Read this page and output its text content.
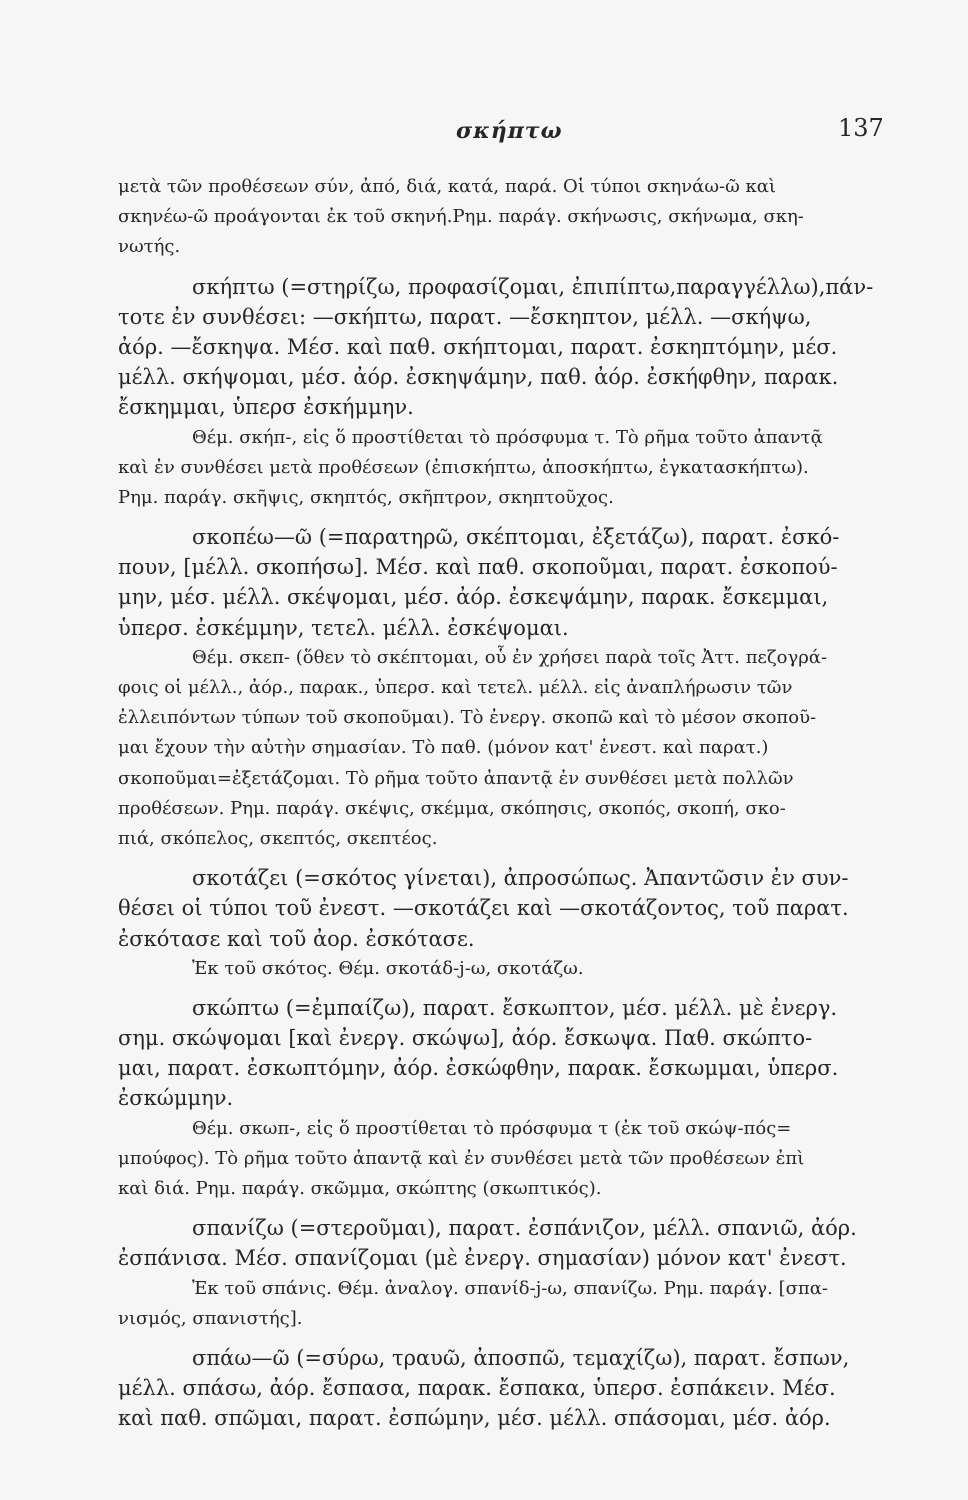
σκήπτω	137
μετὰ τῶν προθέσεων σύν, ἀπό, διά, κατά, παρά. Οἱ τύποι σκηνάω-ῶ καὶ
σκηνέω-ῶ προάγονται ἐκ τοῦ σκηνή.Ρημ. παράγ. σκήνωσις, σκήνωμα, σκη-
νωτής.
σκήπτω (=στηρίζω, προφασίζομαι, ἐπιπίπτω,παραγγέλλω),πάν-
τοτε ἐν συνθέσει: —σκήπτω, παρατ. —ἔσκηπτον, μέλλ. —σκήψω,
ἀόρ. —ἔσκηψα. Μέσ. καὶ παθ. σκήπτομαι, παρατ. ἐσκηπτόμην, μέσ.
μέλλ. σκήψομαι, μέσ. ἀόρ. ἐσκηψάμην, παθ. ἀόρ. ἐσκήφθην, παρακ.
ἔσκημμαι, ὑπερσ ἐσκήμμην.
Θέμ. σκήπ-, εἰς ὅ προστίθεται τὸ πρόσφυμα τ. Τὸ ρῆμα τοῦτο ἀπαντᾷ
καὶ ἐν συνθέσει μετὰ προθέσεων (ἐπισκήπτω, ἀποσκήπτω, ἐγκατασκήπτω).
Ρημ. παράγ. σκῆψις, σκηπτός, σκῆπτρον, σκηπτοῦχος.
σκοπέω—ῶ (=παρατηρῶ, σκέπτομαι, ἐξετάζω), παρατ. ἐσκό-
πουν, [μέλλ. σκοπήσω]. Μέσ. καὶ παθ. σκοποῦμαι, παρατ. ἐσκοπού-
μην, μέσ. μέλλ. σκέψομαι, μέσ. ἀόρ. ἐσκεψάμην, παρακ. ἔσκεμμαι,
ὑπερσ. ἐσκέμμην, τετελ. μέλλ. ἐσκέψομαι.
Θέμ. σκεπ- (ὅθεν τὸ σκέπτομαι, οὗ ἐν χρήσει παρὰ τοῖς Ἀττ. πεζογρά-
φοις οἱ μέλλ., ἀόρ., παρακ., ὑπερσ. καὶ τετελ. μέλλ. εἰς ἀναπλήρωσιν τῶν
ἐλλειπόντων τύπων τοῦ σκοποῦμαι). Τὸ ἐνεργ. σκοπῶ καὶ τὸ μέσον σκοποῦ-
μαι ἔχουν τὴν αὐτὴν σημασίαν. Τὸ παθ. (μόνον κατ' ἐνεστ. καὶ παρατ.)
σκοποῦμαι=ἐξετάζομαι. Τὸ ρῆμα τοῦτο ἀπαντᾷ ἐν συνθέσει μετὰ πολλῶν
προθέσεων. Ρημ. παράγ. σκέψις, σκέμμα, σκόπησις, σκοπός, σκοπή, σκο-
πιά, σκόπελος, σκεπτός, σκεπτέος.
σκοτάζει (=σκότος γίνεται), ἀπροσώπως. Ἀπαντῶσιν ἐν συν-
θέσει οἱ τύποι τοῦ ἐνεστ. —σκοτάζει καὶ —σκοτάζοντος, τοῦ παρατ.
ἐσκότασε καὶ τοῦ ἀορ. ἐσκότασε.
Ἐκ τοῦ σκότος. Θέμ. σκοτάδ-j-ω, σκοτάζω.
σκώπτω (=ἐμπαίζω), παρατ. ἔσκωπτον, μέσ. μέλλ. μὲ ἐνεργ.
σημ. σκώψομαι [καὶ ἐνεργ. σκώψω], ἀόρ. ἔσκωψα. Παθ. σκώπτο-
μαι, παρατ. ἐσκωπτόμην, ἀόρ. ἐσκώφθην, παρακ. ἔσκωμμαι, ὑπερσ.
ἐσκώμμην.
Θέμ. σκωπ-, εἰς ὅ προστίθεται τὸ πρόσφυμα τ (ἐκ τοῦ σκώψ-πός=
μπούφος). Τὸ ρῆμα τοῦτο ἀπαντᾷ καὶ ἐν συνθέσει μετὰ τῶν προθέσεων ἐπὶ
καὶ διά. Ρημ. παράγ. σκῶμμα, σκώπτης (σκωπτικός).
σπανίζω (=στεροῦμαι), παρατ. ἐσπάνιζον, μέλλ. σπανιῶ, ἀόρ.
ἐσπάνισα. Μέσ. σπανίζομαι (μὲ ἐνεργ. σημασίαν) μόνον κατ' ἐνεστ.
Ἐκ τοῦ σπάνις. Θέμ. ἀναλογ. σπανίδ-j-ω, σπανίζω. Ρημ. παράγ. [σπα-
νισμός, σπανιστής].
σπάω—ῶ (=σύρω, τραυῶ, ἀποσπῶ, τεμαχίζω), παρατ. ἔσπων,
μέλλ. σπάσω, ἀόρ. ἔσπασα, παρακ. ἔσπακα, ὑπερσ. ἐσπάκειν. Μέσ.
καὶ παθ. σπῶμαι, παρατ. ἐσπώμην, μέσ. μέλλ. σπάσομαι, μέσ. ἀόρ.
